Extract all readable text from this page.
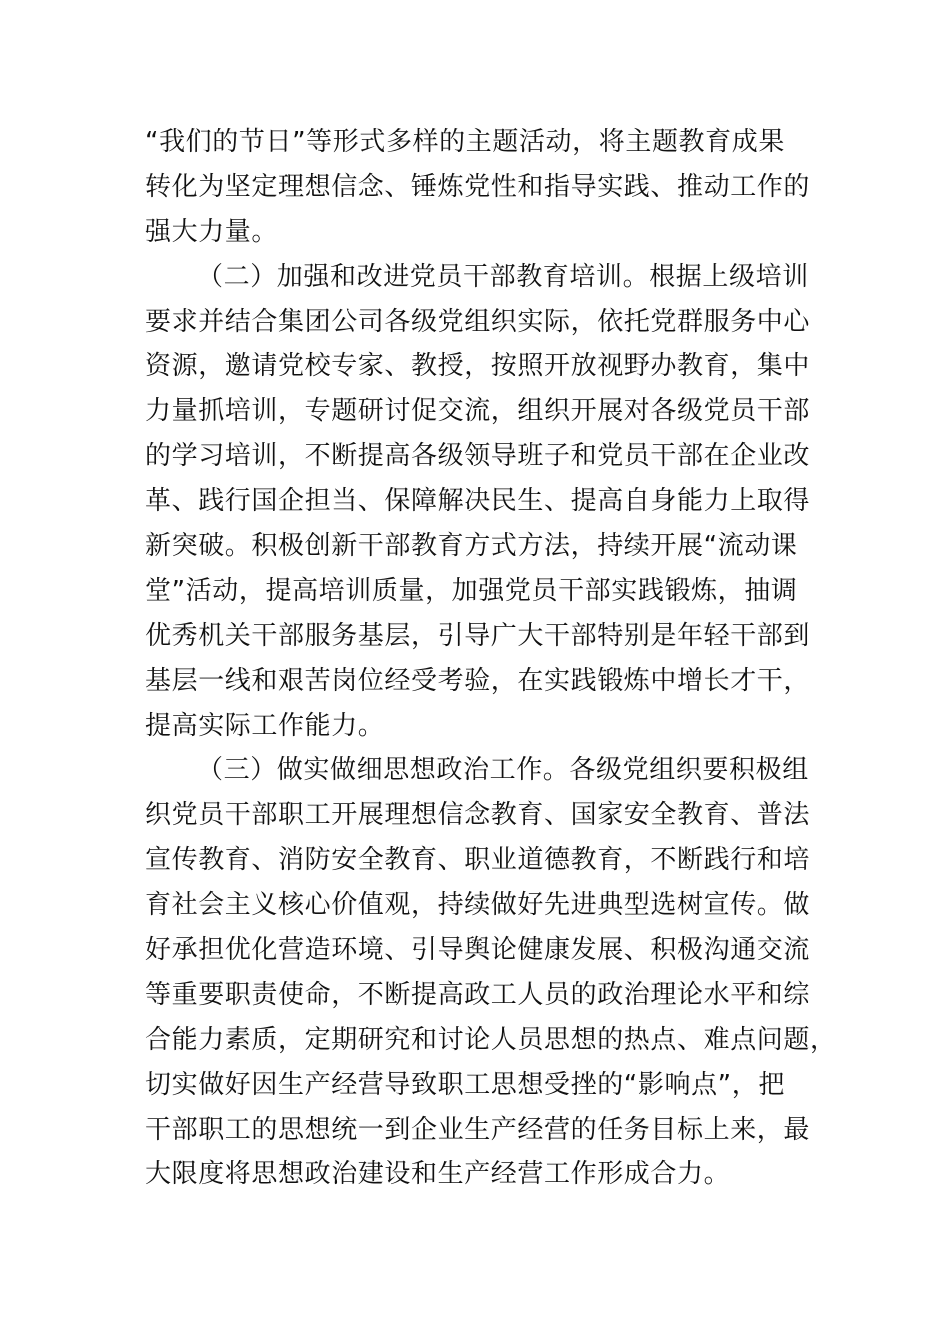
“我们的节日”等形式多样的主题活动，将主题教育成果
转化为坚定理想信念、锤炼党性和指导实践、推动工作的
强大力量。
（二）加强和改进党员干部教育培训。根据上级培训
要求并结合集团公司各级党组织实际，依托党群服务中心
资源，邀请党校专家、教授，按照开放视野办教育，集中
力量抓培训，专题研讨促交流，组织开展对各级党员干部
的学习培训，不断提高各级领导班子和党员干部在企业改
革、践行国企担当、保障解决民生、提高自身能力上取得
新突破。积极创新干部教育方式方法，持续开展“流动课
堂”活动，提高培训质量，加强党员干部实践锻炼，抽调
优秀机关干部服务基层，引导广大干部特别是年轻干部到
基层一线和艰苦岗位经受考验，在实践锻炼中增长才干，
提高实际工作能力。
（三）做实做细思想政治工作。各级党组织要积极组
织党员干部职工开展理想信念教育、国家安全教育、普法
宣传教育、消防安全教育、职业道德教育，不断践行和培
育社会主义核心价值观，持续做好先进典型选树宣传。做
好承担优化营造环境、引导舆论健康发展、积极沟通交流
等重要职责使命，不断提高政工人员的政治理论水平和综
合能力素质，定期研究和讨论人员思想的热点、难点问题，
切实做好因生产经营导致职工思想受挫的“影响点”，把
干部职工的思想统一到企业生产经营的任务目标上来，最
大限度将思想政治建设和生产经营工作形成合力。
